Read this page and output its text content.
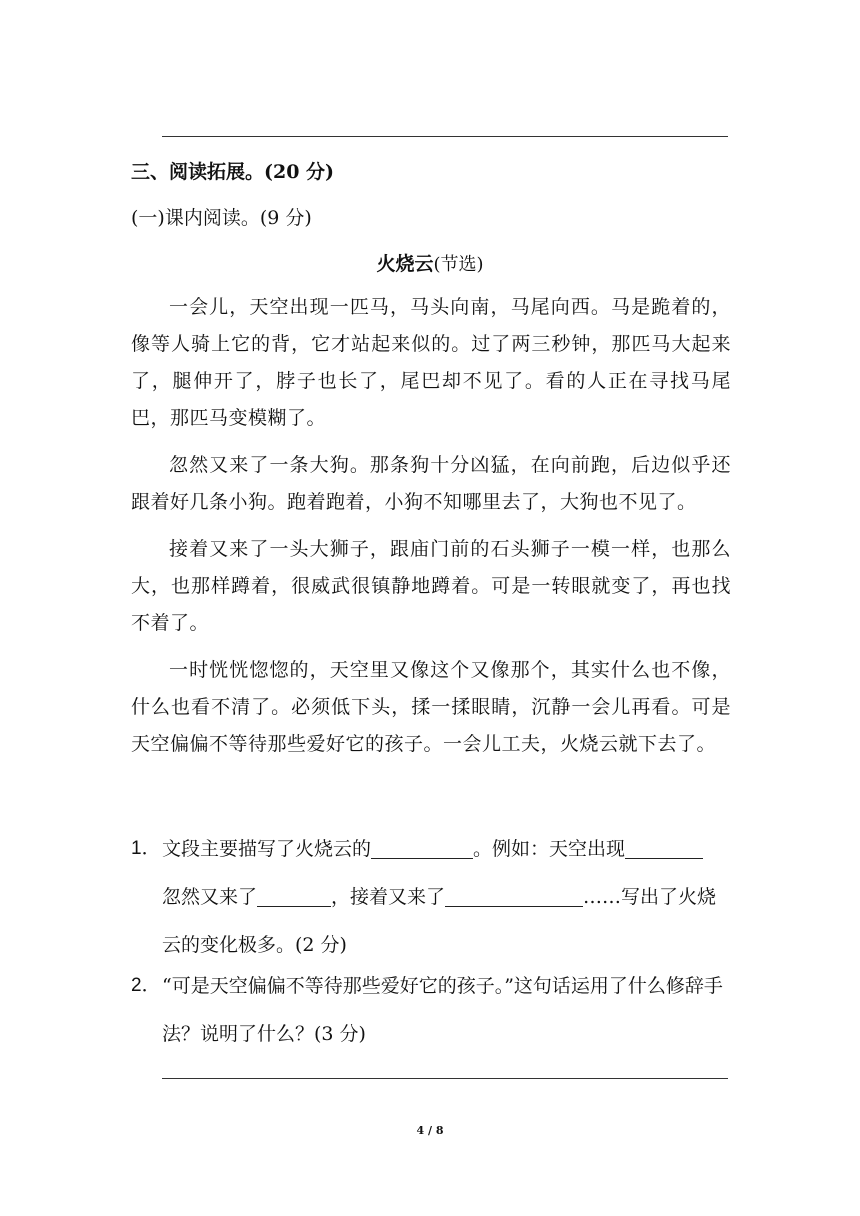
三、阅读拓展。(20 分)
(一)课内阅读。(9 分)
火烧云(节选)

一会儿，天空出现一匹马，马头向南，马尾向西。马是跪着的，像等人骑上它的背，它才站起来似的。过了两三秒钟，那匹马大起来了，腿伸开了，脖子也长了，尾巴却不见了。看的人正在寻找马尾巴，那匹马变模糊了。

忽然又来了一条大狗。那条狗十分凶猛，在向前跑，后边似乎还跟着好几条小狗。跑着跑着，小狗不知哪里去了，大狗也不见了。

接着又来了一头大狮子，跟庙门前的石头狮子一模一样，也那么大，也那样蹲着，很威武很镇静地蹲着。可是一转眼就变了，再也找不着了。

一时恍恍惚惚的，天空里又像这个又像那个，其实什么也不像，什么也看不清了。必须低下头，揉一揉眼睛，沉静一会儿再看。可是天空偏偏不等待那些爱好它的孩子。一会儿工夫，火烧云就下去了。

1． 文段主要描写了火烧云的	。例如：天空出现
忽然又来了	，接着又来了	……写出了火烧云的变化极多。(2 分)
2． “可是天空偏偏不等待那些爱好它的孩子。”这句话运用了什么修辞手法？说明了什么？(3 分)
4 / 8
